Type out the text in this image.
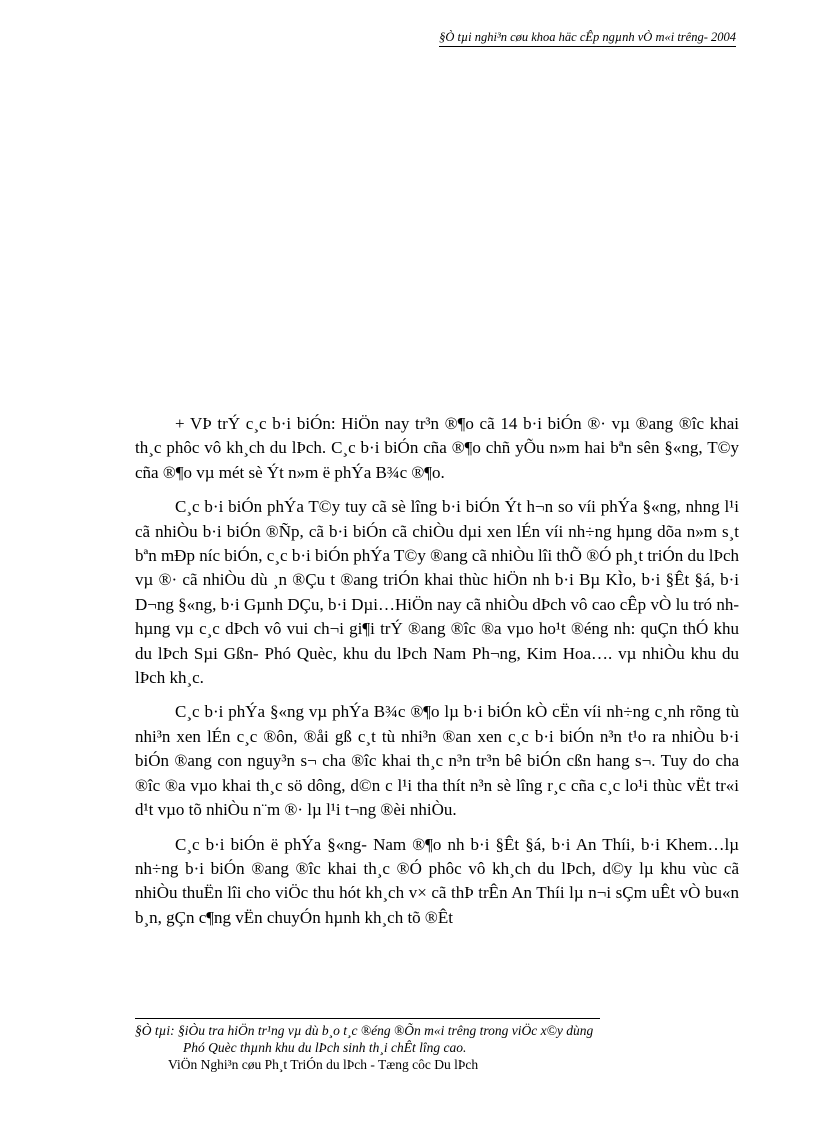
§Ò tµi nghi³n cøu khoa häc cÊp ngµnh vÒ m«i trêng- 2004

+ VÞ trÝ c¸c b·i biÓn: HiÖn nay tr³n ®¶o cã 14 b·i biÓn ®· vµ ®ang ®îc khai th¸c phôc vô kh¸ch du lÞch. C¸c b·i biÓn cña ®¶o chñ yÕu n»m hai bªn sên §«ng, T©y cña ®¶o vµ mét sè Ýt n»m ë phÝa B¾c ®¶o.

C¸c b·i biÓn phÝa T©y tuy cã sè lîng b·i biÓn Ýt h¬n so víi phÝa §«ng, nhng l¹i cã nhiÒu b·i biÓn ®Ñp, cã b·i biÓn cã chiÒu dµi xen lÉn víi nh÷ng hµng dõa n»m s¸t bªn mÐp níc biÓn, c¸c b·i biÓn phÝa T©y ®ang cã nhiÒu lîi thÕ ®Ó ph¸t triÓn du lÞch vµ ®· cã nhiÒu dù ¸n ®Çu t ®ang triÓn khai thùc hiÖn nh b·i Bµ KÌo, b·i §Êt §á, b·i D¬ng §«ng, b·i Gµnh DÇu, b·i Dµi…HiÖn nay cã nhiÒu dÞch vô cao cÊp vÒ lu tró nh hµng vµ c¸c dÞch vô vui ch¬i gi¶i trÝ ®ang ®îc ®a vµo ho¹t ®éng nh: quÇn thÓ khu du lÞch Sµi Gßn- Phó Quèc, khu du lÞch Nam Ph¬ng, Kim Hoa…. vµ nhiÒu khu du lÞch kh¸c.

C¸c b·i phÝa §«ng vµ phÝa B¾c ®¶o lµ b·i biÓn kÒ cËn víi nh÷ng c¸nh rõng tù nhi³n xen lÉn c¸c ®ôn, ®åi gß c¸t tù nhi³n ®an xen c¸c b·i biÓn n³n t¹o ra nhiÒu b·i biÓn ®ang con nguy³n s¬ cha ®îc khai th¸c n³n tr³n bê biÓn cßn hang s¬. Tuy do cha ®îc ®a vµo khai th¸c sö dông, d©n c l¹i tha thít n³n sè lîng r¸c cña c¸c lo¹i thùc vËt tr«i d¹t vµo tõ nhiÒu n¨m ®· lµ l¹i t¬ng ®èi nhiÒu.

C¸c b·i biÓn ë phÝa §«ng- Nam ®¶o nh b·i §Êt §á, b·i An Thíi, b·i Khem…lµ nh÷ng b·i biÓn ®ang ®îc khai th¸c ®Ó phôc vô kh¸ch du lÞch, d©y lµ khu vùc cã nhiÒu thuËn lîi cho viÖc thu hót kh¸ch v× cã thÞ trÊn An Thíi lµ n¬i sÇm uÊt vÒ bu«n b¸n, gÇn c¶ng vËn chuyÓn hµnh kh¸ch tõ ®Êt

§Ò tµi: §iÒu tra hiÖn tr¹ng vµ dù b¸o t¸c ®éng ®Õn m«i trêng trong viÖc x©y dùng
Phó Quèc thµnh khu du lÞch sinh th¸i chÊt lîng cao.
ViÖn Nghi³n cøu Ph¸t TriÓn du lÞch - Tæng côc Du lÞch
